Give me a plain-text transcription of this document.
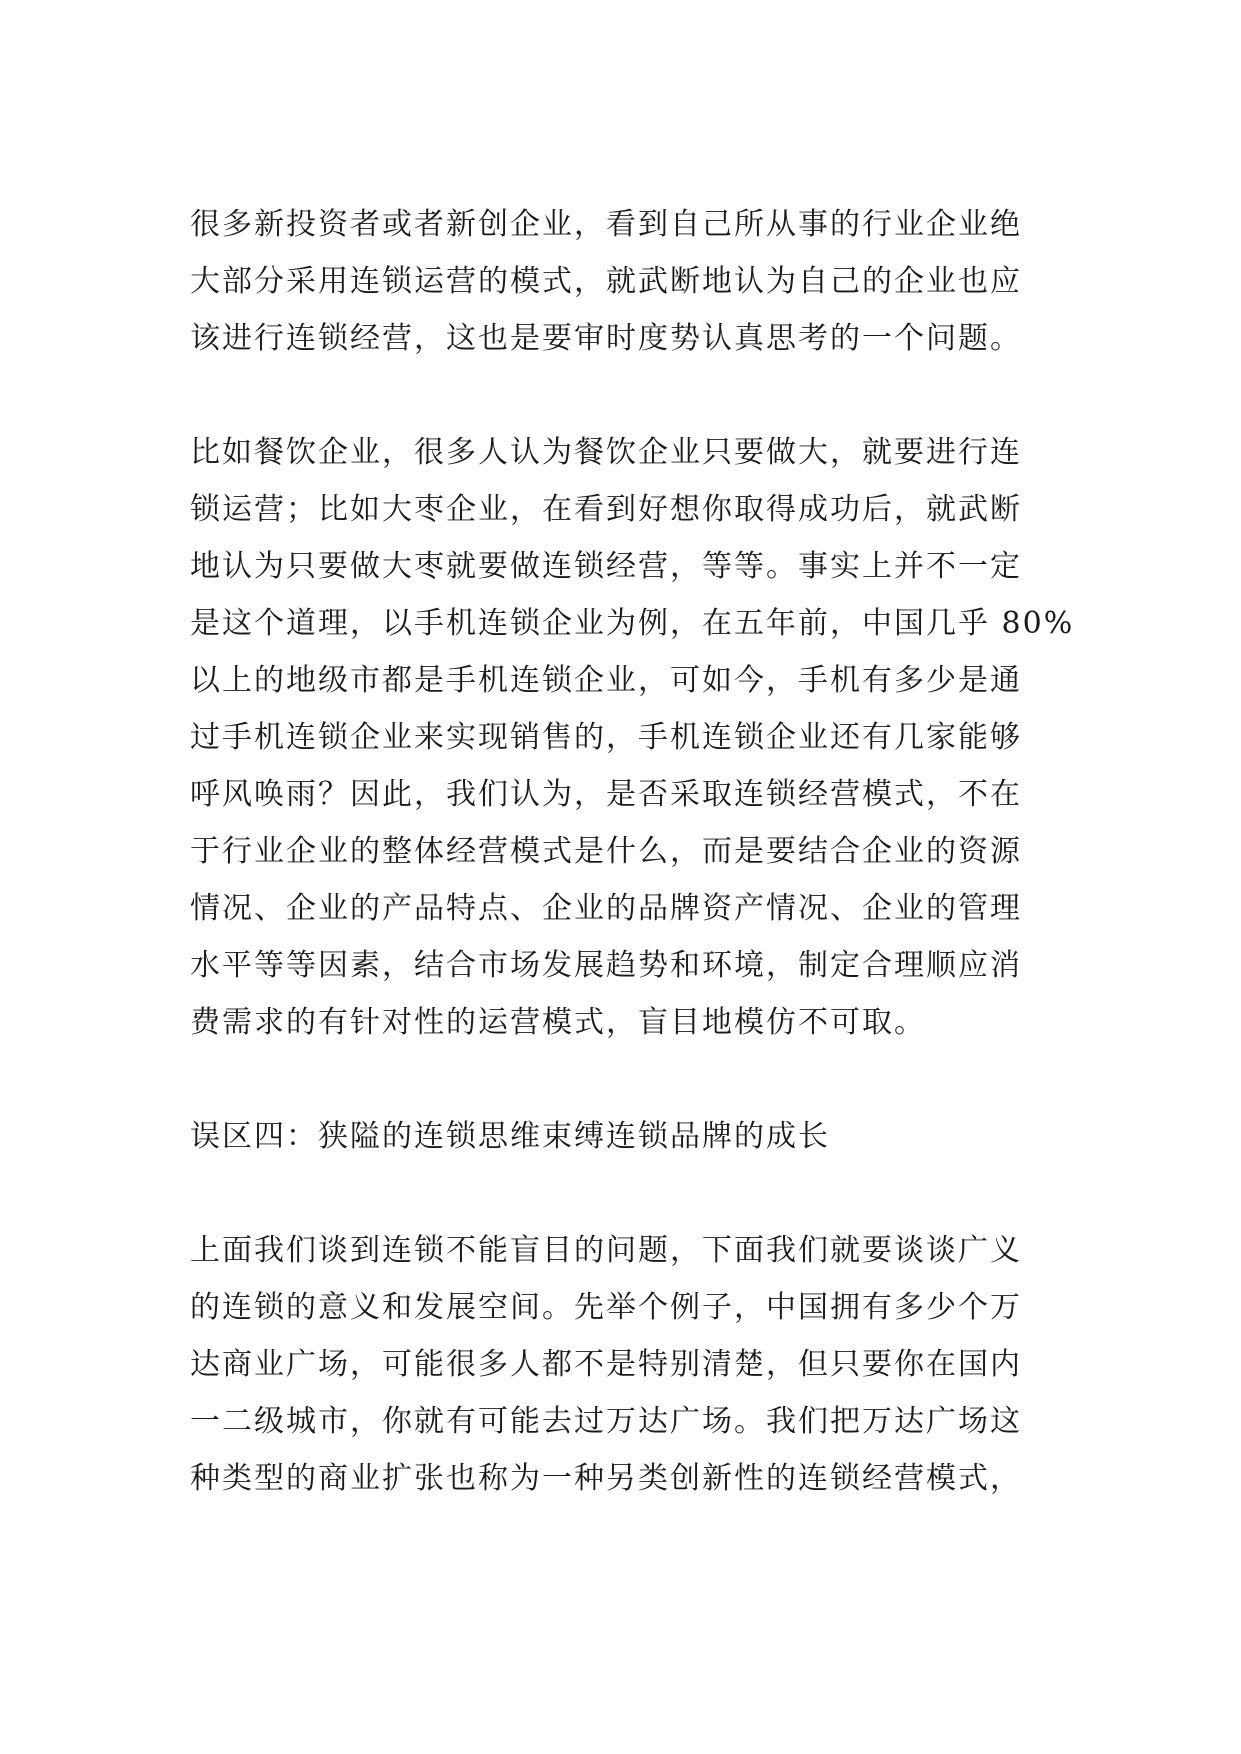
很多新投资者或者新创企业，看到自己所从事的行业企业绝
大部分采用连锁运营的模式，就武断地认为自己的企业也应
该进行连锁经营，这也是要审时度势认真思考的一个问题。
比如餐饮企业，很多人认为餐饮企业只要做大，就要进行连
锁运营；比如大枣企业，在看到好想你取得成功后，就武断
地认为只要做大枣就要做连锁经营，等等。事实上并不一定
是这个道理，以手机连锁企业为例，在五年前，中国几乎 80%
以上的地级市都是手机连锁企业，可如今，手机有多少是通
过手机连锁企业来实现销售的，手机连锁企业还有几家能够
呼风唤雨？因此，我们认为，是否采取连锁经营模式，不在
于行业企业的整体经营模式是什么，而是要结合企业的资源
情况、企业的产品特点、企业的品牌资产情况、企业的管理
水平等等因素，结合市场发展趋势和环境，制定合理顺应消
费需求的有针对性的运营模式，盲目地模仿不可取。
误区四：狭隘的连锁思维束缚连锁品牌的成长
上面我们谈到连锁不能盲目的问题，下面我们就要谈谈广义
的连锁的意义和发展空间。先举个例子，中国拥有多少个万
达商业广场，可能很多人都不是特别清楚，但只要你在国内
一二级城市，你就有可能去过万达广场。我们把万达广场这
种类型的商业扩张也称为一种另类创新性的连锁经营模式，
